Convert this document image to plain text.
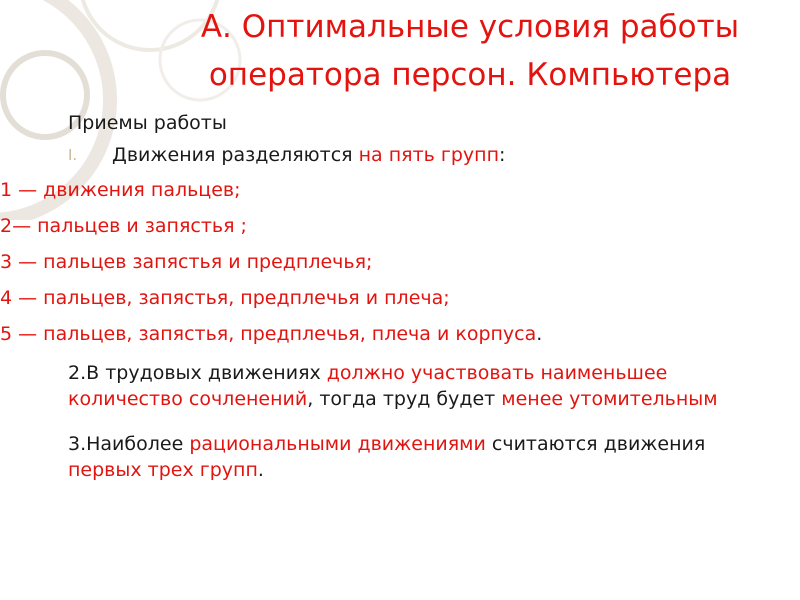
А. Оптимальные условия работы
оператора персон. Компьютера

Приемы работы

I.	Движения разделяются на пять групп:
1 — движения пальцев;
2— пальцев и запястья ;
3 — пальцев запястья и предплечья;
4 — пальцев, запястья, предплечья и плеча;
5 — пальцев, запястья, предплечья, плеча и корпуса.

2.В трудовых движениях должно участвовать наименьшее количество сочленений, тогда труд будет менее утомительным

3.Наиболее рациональными движениями считаются движения первых трех групп.
